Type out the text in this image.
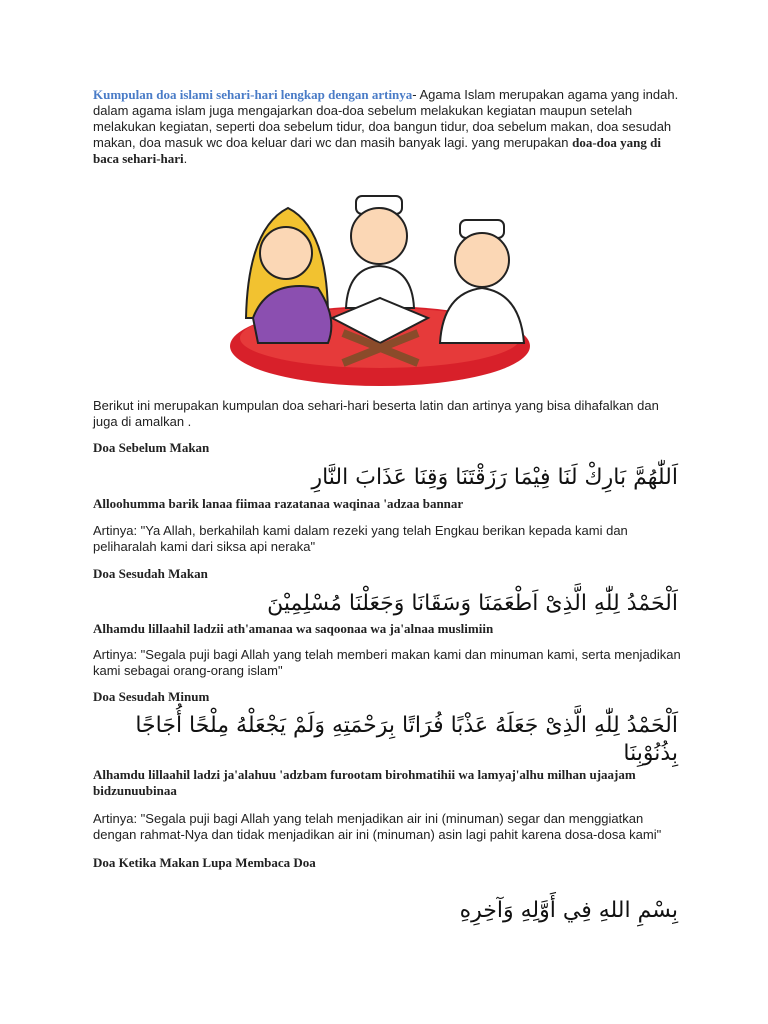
Kumpulan doa islami sehari-hari lengkap dengan artinya- Agama Islam merupakan agama yang indah. dalam agama islam juga mengajarkan doa-doa sebelum melakukan kegiatan maupun setelah melakukan kegiatan, seperti doa sebelum tidur, doa bangun tidur, doa sebelum makan, doa sesudah makan, doa masuk wc doa keluar dari wc dan masih banyak lagi. yang merupakan doa-doa yang di baca sehari-hari.
Berikut ini merupakan kumpulan doa sehari-hari beserta latin dan artinya yang bisa dihafalkan dan juga di amalkan .
Doa Sebelum Makan
اَللّٰهُمَّ بَارِكْ لَنَا فِيْمَا رَزَقْتَنَا وَقِنَا عَذَابَ النَّارِ
Alloohumma barik lanaa fiimaa razatanaa waqinaa 'adzaa bannar
Artinya: "Ya Allah, berkahilah kami dalam rezeki yang telah Engkau berikan kepada kami dan peliharalah kami dari siksa api neraka"
Doa Sesudah Makan
اَلْحَمْدُ لِلّٰهِ الَّذِىْ اَطْعَمَنَا وَسَقَانَا وَجَعَلْنَا مُسْلِمِيْنَ
Alhamdu lillaahil ladzii ath'amanaa wa saqoonaa wa ja'alnaa muslimiin
Artinya: "Segala puji bagi Allah yang telah memberi makan kami dan minuman kami, serta menjadikan kami sebagai orang-orang islam"
Doa Sesudah Minum
اَلْحَمْدُ لِلّٰهِ الَّذِىْ جَعَلَهُ عَذْبًا فُرَاتًا بِرَحْمَتِهِ وَلَمْ يَجْعَلْهُ مِلْحًا أُجَاجًا بِذُنُوْبِنَا
Alhamdu lillaahil ladzi ja'alahuu 'adzbam furootam birohmatihii wa lamyaj'alhu milhan ujaajam bidzunuubinaa
Artinya: "Segala puji bagi Allah yang telah menjadikan air ini (minuman) segar dan menggiatkan dengan rahmat-Nya dan tidak menjadikan air ini (minuman) asin lagi pahit karena dosa-dosa kami"
Doa Ketika Makan Lupa Membaca Doa
بِسْمِ اللهِ فِي أَوَّلِهِ وَآخِرِهِ
